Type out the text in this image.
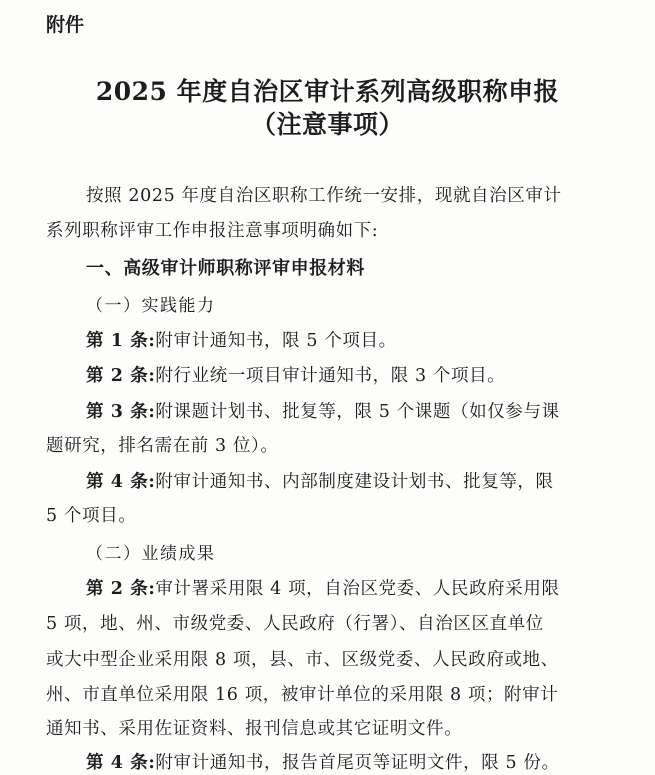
附件
2025 年度自治区审计系列高级职称申报
（注意事项）
按照 2025 年度自治区职称工作统一安排，现就自治区审计
系列职称评审工作申报注意事项明确如下:
一、高级审计师职称评审申报材料
（一）实践能力
第 1 条:附审计通知书，限 5 个项目。
第 2 条:附行业统一项目审计通知书，限 3 个项目。
第 3 条:附课题计划书、批复等，限 5 个课题（如仅参与课
题研究，排名需在前 3 位）。
第 4 条:附审计通知书、内部制度建设计划书、批复等，限
5 个项目。
（二）业绩成果
第 2 条:审计署采用限 4 项，自治区党委、人民政府采用限
5 项，地、州、市级党委、人民政府（行署）、自治区区直单位
或大中型企业采用限 8 项，县、市、区级党委、人民政府或地、
州、市直单位采用限 16 项，被审计单位的采用限 8 项；附审计
通知书、采用佐证资料、报刊信息或其它证明文件。
第 4 条:附审计通知书，报告首尾页等证明文件，限 5 份。
